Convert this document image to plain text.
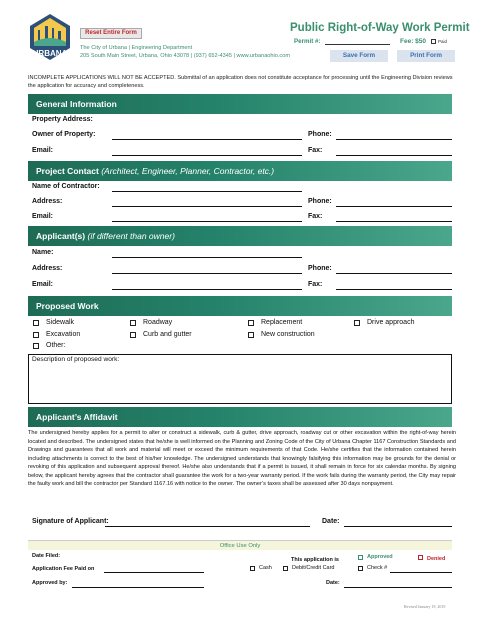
URBANA
Reset Entire Form
The City of Urbana | Engineering Department
205 South Main Street, Urbana, Ohio 43078 | (937) 652-4345 | www.urbanaohio.com
Public Right-of-Way Work Permit
Permit #:	Fee: $50	Paid
Save Form	Print Form
INCOMPLETE APPLICATIONS WILL NOT BE ACCEPTED. Submittal of an application does not constitute acceptance for processing until the Engineering Division reviews the application for accuracy and completeness.
General Information
Property Address:
Owner of Property:	Phone:
Email:	Fax:
Project Contact (Architect, Engineer, Planner, Contractor, etc.)
Name of Contractor:
Address:	Phone:
Email:	Fax:
Applicant(s) (if different than owner)
Name:
Address:	Phone:
Email:	Fax:
Proposed Work
Sidewalk	Roadway	Replacement	Drive approach
Excavation	Curb and gutter	New construction
Other:
Description of proposed work:
Applicant’s Affidavit
The undersigned hereby applies for a permit to alter or construct a sidewalk, curb & gutter, drive approach, roadway cut or other excavation within the right-of-way herein located and described. The undersigned states that he/she is well informed on the Planning and Zoning Code of the City of Urbana Chapter 1167 Construction Standards and Drawings and guarantees that all work and material will meet or exceed the minimum requirements of that Code. He/she certifies that the information contained herein including attachments is correct to the best of his/her knowledge. The undersigned understands that knowingly falsifying this information may be grounds for the denial or revoking of this application and subsequent approval thereof. He/she also understands that if a permit is issued, it shall remain in force for six calendar months. By signing below, the applicant hereby agrees that the contractor shall guarantee the work for a two-year warranty period. If the work fails during the warranty period, the City may repair the faulty work and bill the contractor per Standard 1167.16 with notice to the owner. The owner’s taxes shall be assessed after 30 days nonpayment.
Signature of Applicant:	Date:
Office Use Only
Date Filed:
Application Fee Paid on	Cash	Debit/Credit Card
This application is	Approved	Denied
Check #
Approved by:	Date:
Revised January 19, 2019
